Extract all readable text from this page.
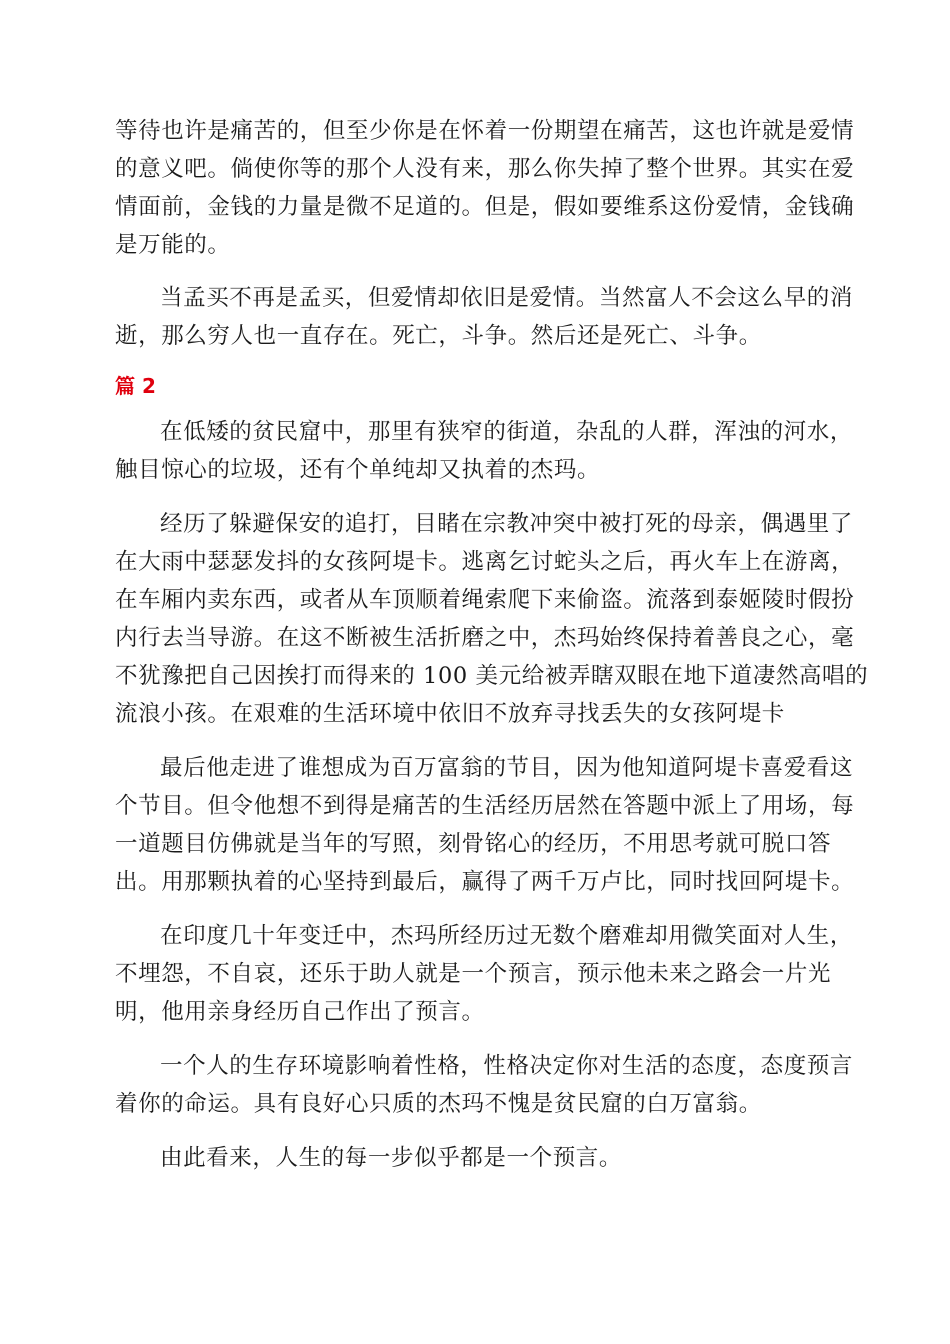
等待也许是痛苦的，但至少你是在怀着一份期望在痛苦，这也许就是爱情
的意义吧。倘使你等的那个人没有来，那么你失掉了整个世界。其实在爱
情面前，金钱的力量是微不足道的。但是，假如要维系这份爱情，金钱确
是万能的。

当孟买不再是孟买，但爱情却依旧是爱情。当然富人不会这么早的消
逝，那么穷人也一直存在。死亡，斗争。然后还是死亡、斗争。

篇 2

在低矮的贫民窟中，那里有狭窄的街道，杂乱的人群，浑浊的河水，
触目惊心的垃圾，还有个单纯却又执着的杰玛。

经历了躲避保安的追打，目睹在宗教冲突中被打死的母亲，偶遇里了
在大雨中瑟瑟发抖的女孩阿堤卡。逃离乞讨蛇头之后，再火车上在游离，
在车厢内卖东西，或者从车顶顺着绳索爬下来偷盗。流落到泰姬陵时假扮
内行去当导游。在这不断被生活折磨之中，杰玛始终保持着善良之心，毫
不犹豫把自己因挨打而得来的 100 美元给被弄瞎双眼在地下道凄然高唱的
流浪小孩。在艰难的生活环境中依旧不放弃寻找丢失的女孩阿堤卡

最后他走进了谁想成为百万富翁的节目，因为他知道阿堤卡喜爱看这
个节目。但令他想不到得是痛苦的生活经历居然在答题中派上了用场，每
一道题目仿佛就是当年的写照，刻骨铭心的经历，不用思考就可脱口答
出。用那颗执着的心坚持到最后，赢得了两千万卢比，同时找回阿堤卡。

在印度几十年变迁中，杰玛所经历过无数个磨难却用微笑面对人生，
不埋怨，不自哀，还乐于助人就是一个预言，预示他未来之路会一片光
明，他用亲身经历自己作出了预言。

一个人的生存环境影响着性格，性格决定你对生活的态度，态度预言
着你的命运。具有良好心只质的杰玛不愧是贫民窟的白万富翁。

由此看来，人生的每一步似乎都是一个预言。
